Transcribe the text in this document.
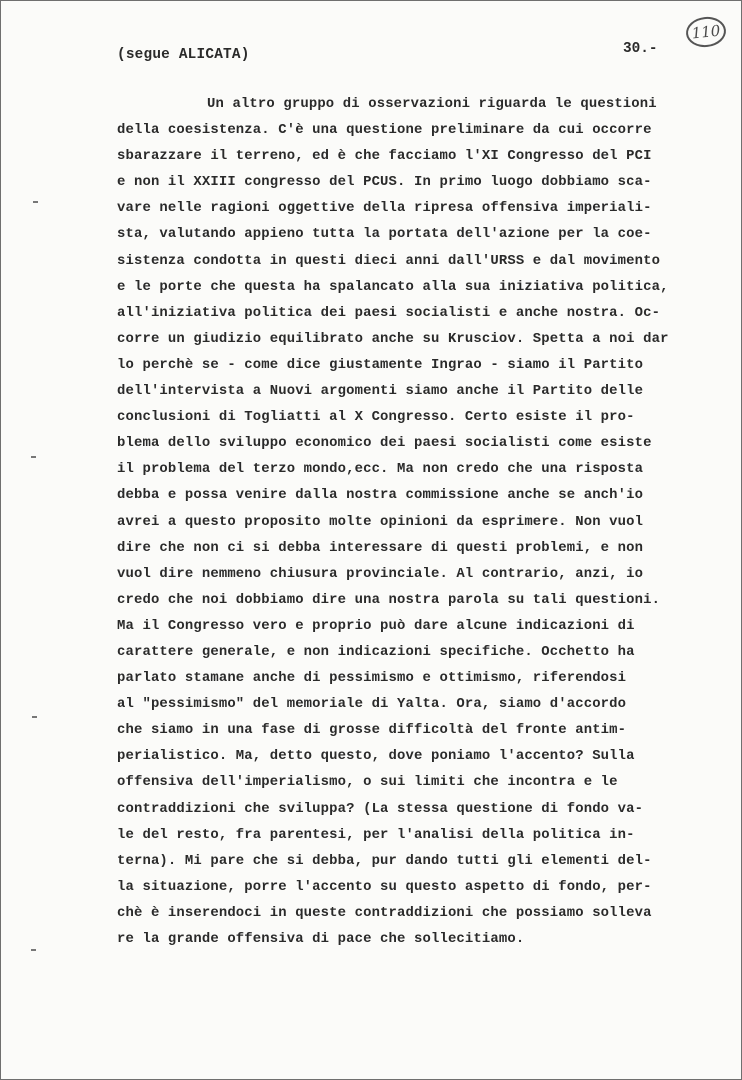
(segue ALICATA)	30.-
110
Un altro gruppo di osservazioni riguarda le questioni
della coesistenza. C'è una questione preliminare da cui occorre
sbarazzare il terreno, ed è che facciamo l'XI Congresso del PCI
e non il XXIII congresso del PCUS. In primo luogo dobbiamo sca-
vare nelle ragioni oggettive della ripresa offensiva imperiali-
sta, valutando appieno tutta la portata dell'azione per la coe-
sistenza condotta in questi dieci anni dall'URSS e dal movimento
e le porte che questa ha spalancato alla sua iniziativa politica,
all'iniziativa politica dei paesi socialisti e anche nostra. Oc-
corre un giudizio equilibrato anche su Krusciov. Spetta a noi dar
lo perchè se - come dice giustamente Ingrao - siamo il Partito
dell'intervista a Nuovi argomenti siamo anche il Partito delle
conclusioni di Togliatti al X Congresso. Certo esiste il pro-
blema dello sviluppo economico dei paesi socialisti come esiste
il problema del terzo mondo,ecc. Ma non credo che una risposta
debba e possa venire dalla nostra commissione anche se anch'io
avrei a questo proposito molte opinioni da esprimere. Non vuol
dire che non ci si debba interessare di questi problemi, e non
vuol dire nemmeno chiusura provinciale. Al contrario, anzi, io
credo che noi dobbiamo dire una nostra parola su tali questioni.
Ma il Congresso vero e proprio può dare alcune indicazioni di
carattere generale, e non indicazioni specifiche. Occhetto ha
parlato stamane anche di pessimismo e ottimismo, riferendosi
al "pessimismo" del memoriale di Yalta. Ora, siamo d'accordo
che siamo in una fase di grosse difficoltà del fronte antim-
perialistico. Ma, detto questo, dove poniamo l'accento? Sulla
offensiva dell'imperialismo, o sui limiti che incontra e le
contraddizioni che sviluppa? (La stessa questione di fondo va-
le del resto, fra parentesi, per l'analisi della politica in-
terna). Mi pare che si debba, pur dando tutti gli elementi del-
la situazione, porre l'accento su questo aspetto di fondo, per-
chè è inserendoci in queste contraddizioni che possiamo solleva
re la grande offensiva di pace che sollecitiamo.
